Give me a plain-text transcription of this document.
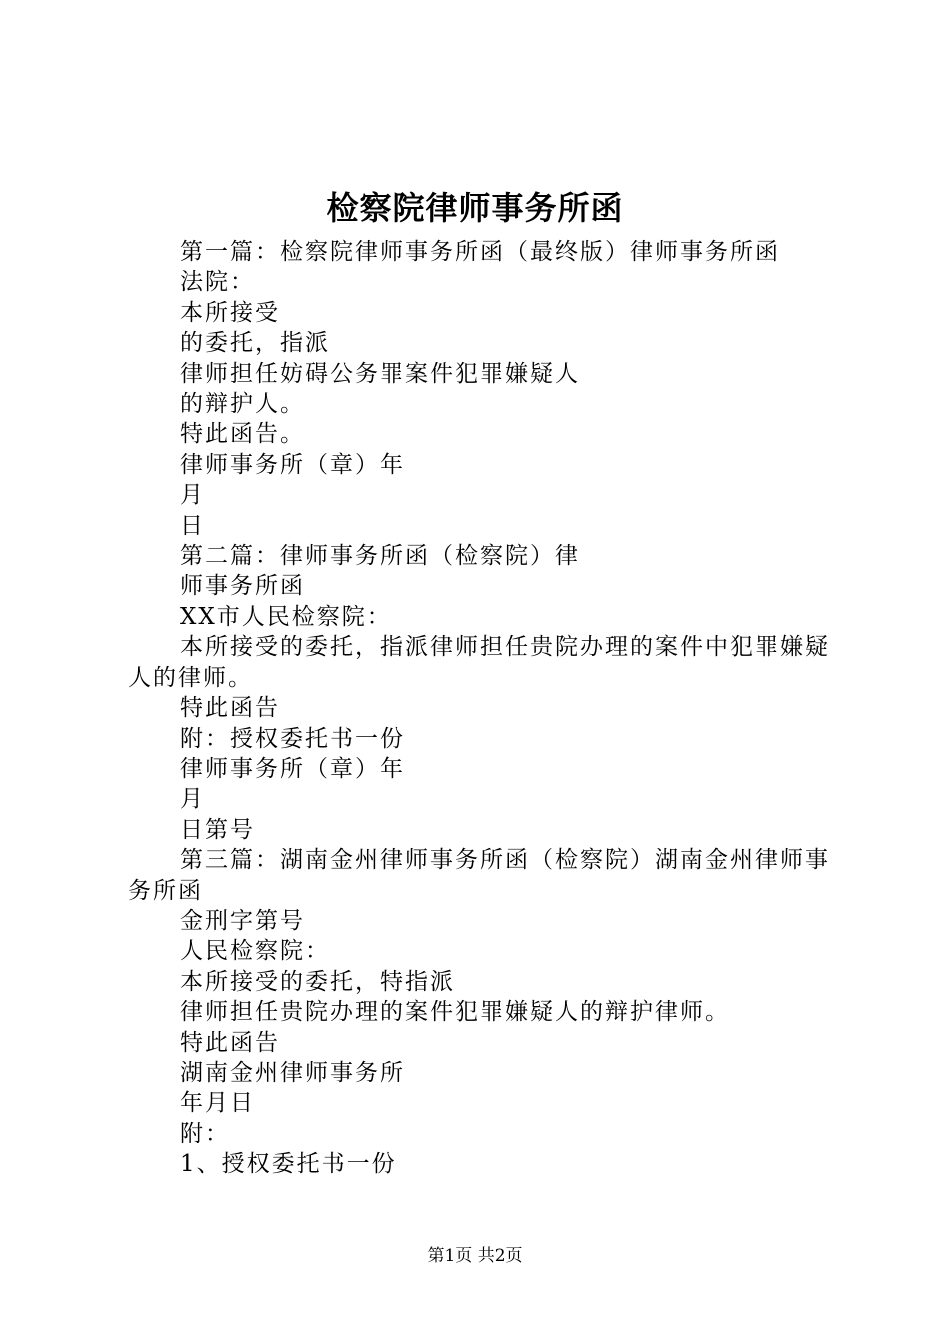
检察院律师事务所函

第一篇：检察院律师事务所函（最终版）律师事务所函

法院：

本所接受

的委托，指派

律师担任妨碍公务罪案件犯罪嫌疑人

的辩护人。

特此函告。

律师事务所（章）年

月

日

第二篇：律师事务所函（检察院）律

师事务所函

XX市人民检察院：

本所接受的委托，指派律师担任贵院办理的案件中犯罪嫌疑人的律师。

特此函告

附：授权委托书一份

律师事务所（章）年

月

日第号

第三篇：湖南金州律师事务所函（检察院）湖南金州律师事务所函

金刑字第号

人民检察院：

本所接受的委托，特指派

律师担任贵院办理的案件犯罪嫌疑人的辩护律师。

特此函告

湖南金州律师事务所

年月日

附：

1、授权委托书一份

第1页 共2页
